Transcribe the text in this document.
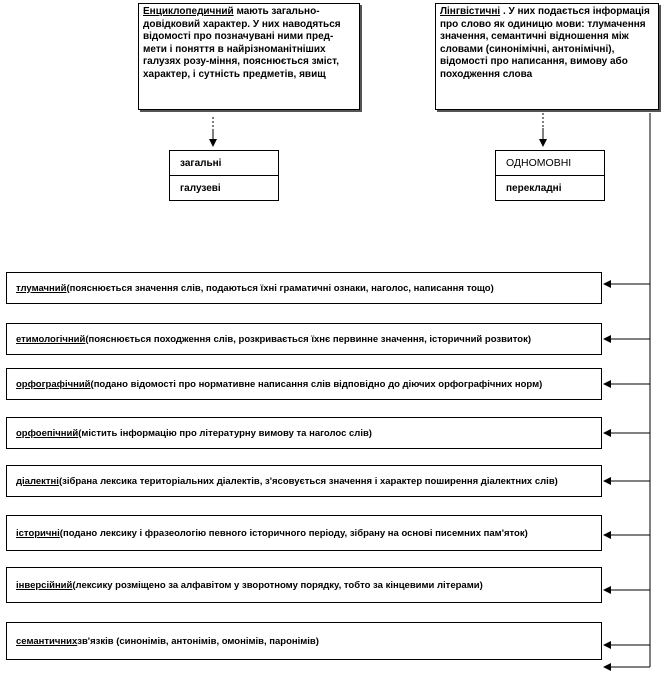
Енциклопедичний мають загально-довідковий характер. У них наводяться відомості про позначувані ними пред-мети і поняття в найрізноманітніших галузях розу-міння, пояснюється зміст, характер, і сутність предметів, явищ
Лінгвістичні . У них подається інформація про слово як одиницю мови: тлумачення значення, семантичні відношення між словами (синонімічні, антонімічні), відомості про написання, вимову або походження слова
загальні
галузеві
ОДНОМОВНІ
перекладні
тлумачний (пояснюється значення слів, подаються їхні граматичні ознаки, наголос, написання тощо)
етимологічний (пояснюється походження слів, розкривається їхнє первинне значення, історичний розвиток)
орфографічний (подано відомості про нормативне написання слів відповідно до діючих орфографічних норм)
орфоепічний (містить інформацію про літературну вимову та наголос слів)
діалектні (зібрана лексика територіальних діалектів, з'ясовується значення і характер поширення діалектних слів)
історичні (подано лексику і фразеологію певного історичного періоду, зібрану на основі писемних пам'яток)
інверсійний (лексику розміщено за алфавітом у зворотному порядку, тобто за кінцевими літерами)
семантичних зв'язків (синонімів, антонімів, омонімів, паронімів)
